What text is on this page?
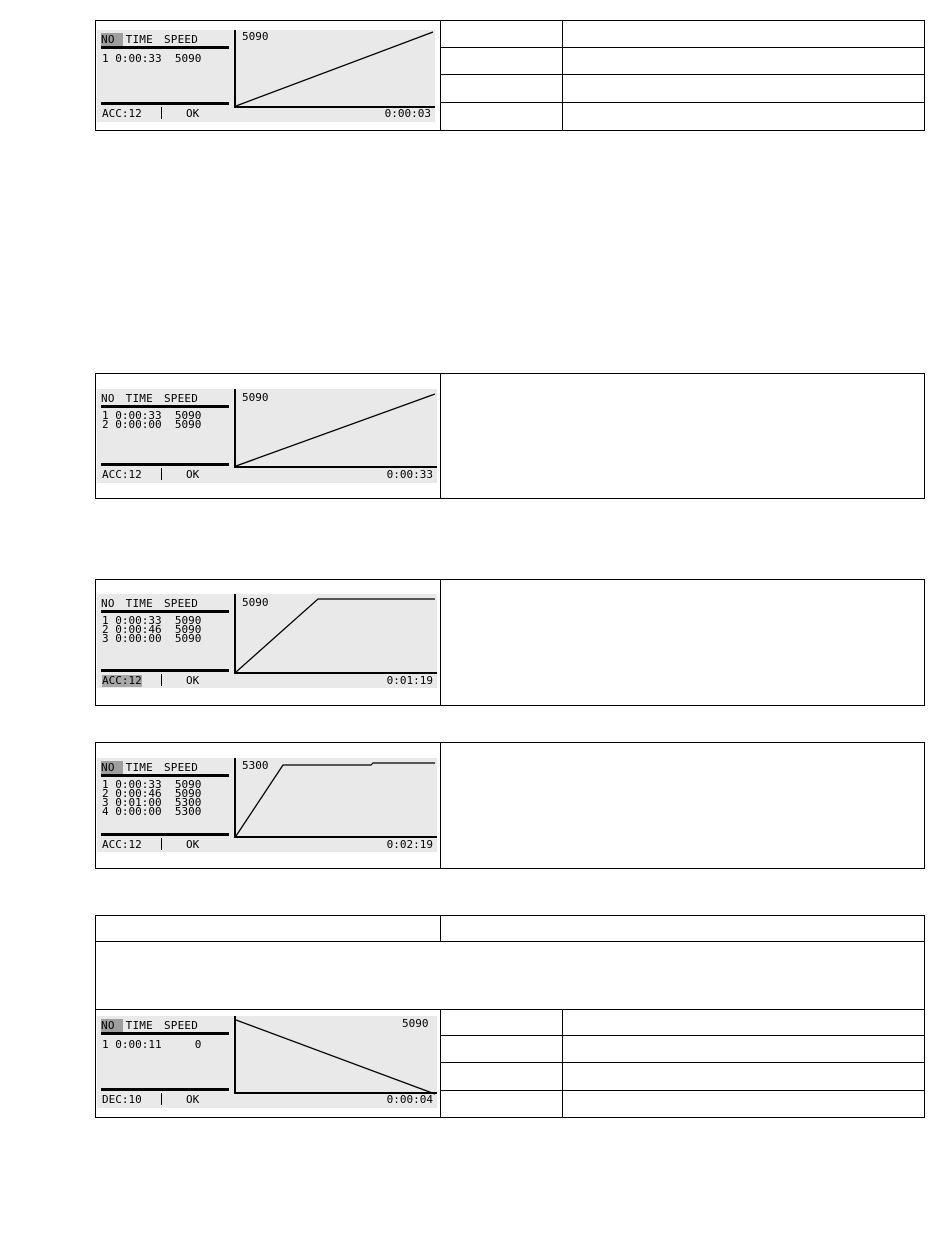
NO TIME SPEED
1 0:00:33  5090
ACC:12	OK
5090
0:00:03
NO TIME SPEED
1 0:00:33  5090
2 0:00:00  5090
ACC:12	OK
5090
0:00:33
NO TIME SPEED
1 0:00:33  5090
2 0:00:46  5090
3 0:00:00  5090
ACC:12	OK
5090
0:01:19
NO TIME SPEED
1 0:00:33  5090
2 0:00:46  5090
3 0:01:00  5300
4 0:00:00  5300
ACC:12	OK
5300
0:02:19
NO TIME SPEED
1 0:00:11     0
DEC:10	OK
5090
0:00:04
